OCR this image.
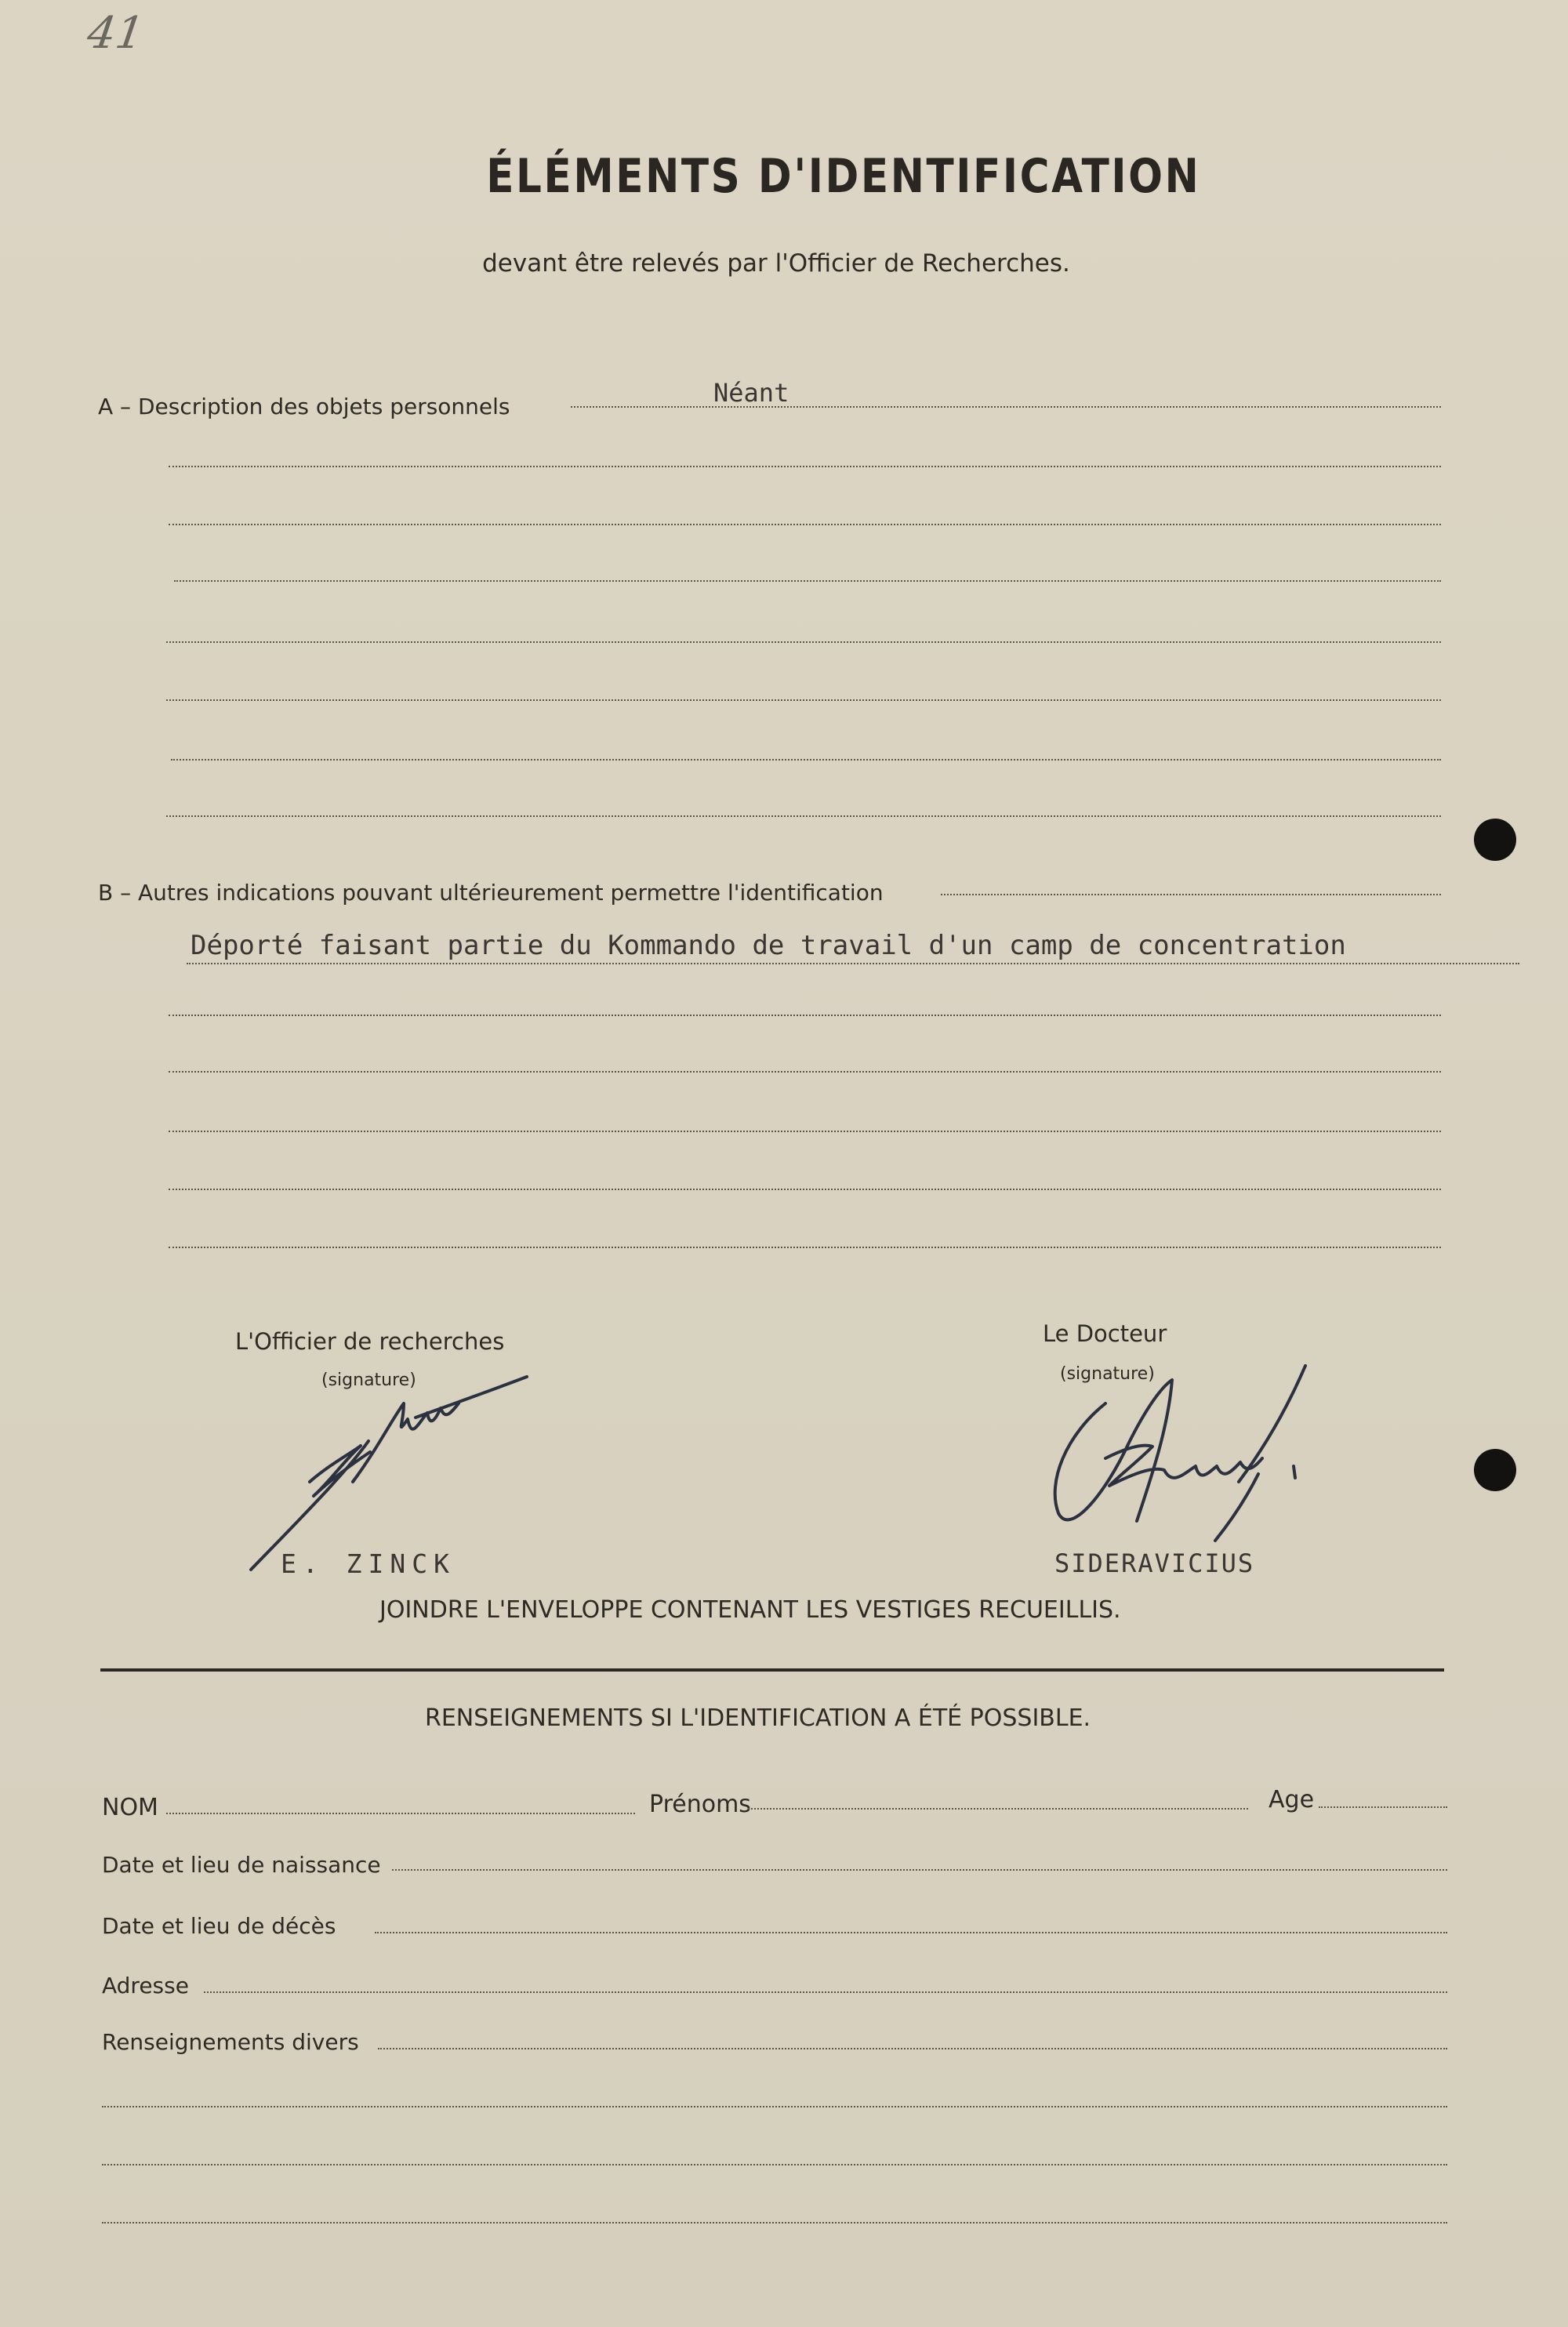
41
ÉLÉMENTS D'IDENTIFICATION
devant être relevés par l'Officier de Recherches.
A – Description des objets personnels	Néant
B – Autres indications pouvant ultérieurement permettre l'identification
Déporté faisant partie du Kommando de travail d'un camp de concentration
L'Officier de recherches
(signature)
E. ZINCK
Le Docteur
(signature)
SIDERAVICIUS
JOINDRE L'ENVELOPPE CONTENANT LES VESTIGES RECUEILLIS.
RENSEIGNEMENTS SI L'IDENTIFICATION A ÉTÉ POSSIBLE.
NOM	Prénoms	Age
Date et lieu de naissance
Date et lieu de décès
Adresse
Renseignements divers
